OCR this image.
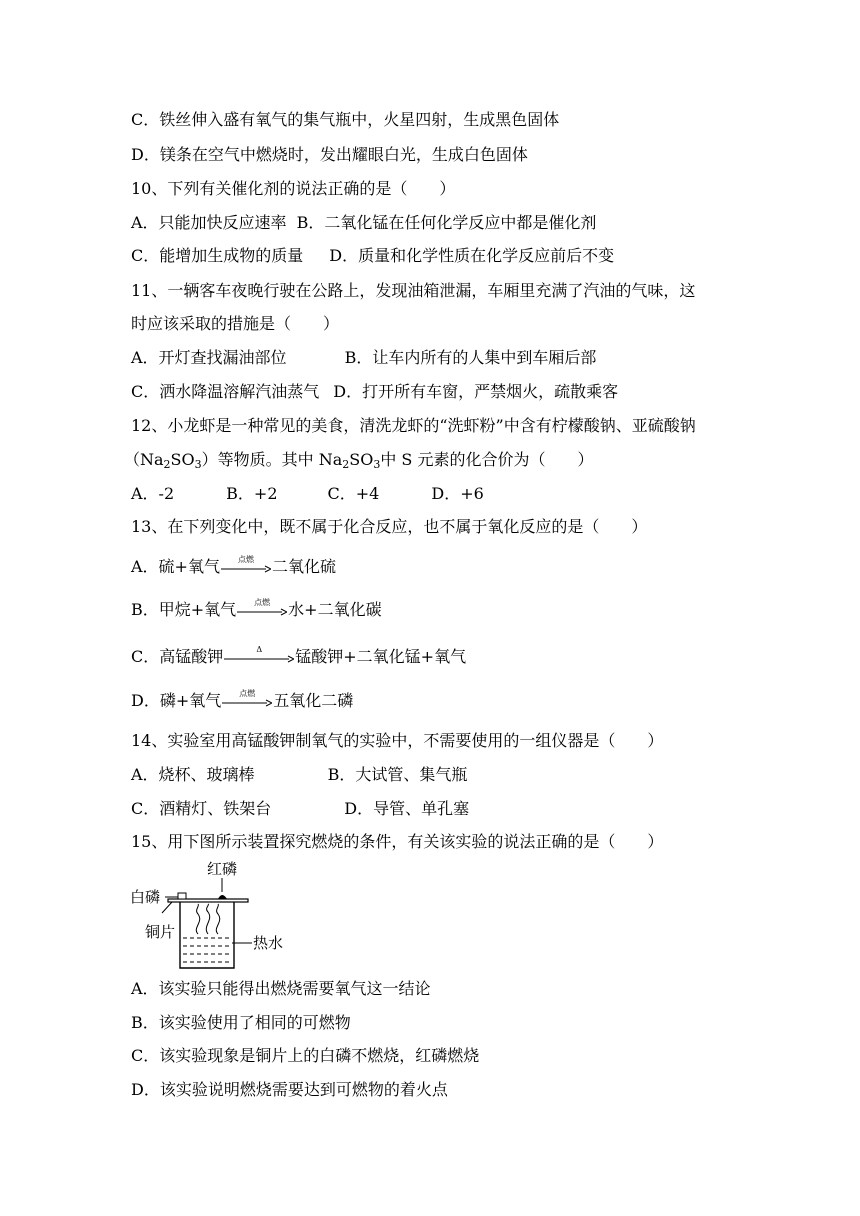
C．铁丝伸入盛有氧气的集气瓶中，火星四射，生成黑色固体
D．镁条在空气中燃烧时，发出耀眼白光，生成白色固体
10、下列有关催化剂的说法正确的是（　　）
A．只能加快反应速率 B．二氧化锰在任何化学反应中都是催化剂
C．能增加生成物的质量 D．质量和化学性质在化学反应前后不变
11、一辆客车夜晚行驶在公路上，发现油箱泄漏，车厢里充满了汽油的气味，这
时应该采取的措施是（　　）
A．开灯查找漏油部位	B．让车内所有的人集中到车厢后部
C．洒水降温溶解汽油蒸气 D．打开所有车窗，严禁烟火，疏散乘客
12、小龙虾是一种常见的美食，清洗龙虾的“洗虾粉”中含有柠檬酸钠、亚硫酸钠
$(Na_2SO_3)$等物质。其中 $Na_2SO_3$中 S 元素的化合价为（　　）
A．-2	B．+2	C．+4	D．+6
13、在下列变化中，既不属于化合反应，也不属于氧化反应的是（　　）
A．硫+氧气	点燃	二氧化硫
B．甲烷+氧气	点燃	水+二氧化碳
C．高锰酸钾	Δ	锰酸钾+二氧化锰+氧气
D．磷+氧气	点燃	五氧化二磷
14、实验室用高锰酸钾制氧气的实验中，不需要使用的一组仪器是（　　）
A．烧杯、玻璃棒	B．大试管、集气瓶
C．酒精灯、铁架台	D．导管、单孔塞
15、用下图所示装置探究燃烧的条件，有关该实验的说法正确的是（　　）
红磷
白磷
铜片
热水
A．该实验只能得出燃烧需要氧气这一结论
B．该实验使用了相同的可燃物
C．该实验现象是铜片上的白磷不燃烧，红磷燃烧
D．该实验说明燃烧需要达到可燃物的着火点
